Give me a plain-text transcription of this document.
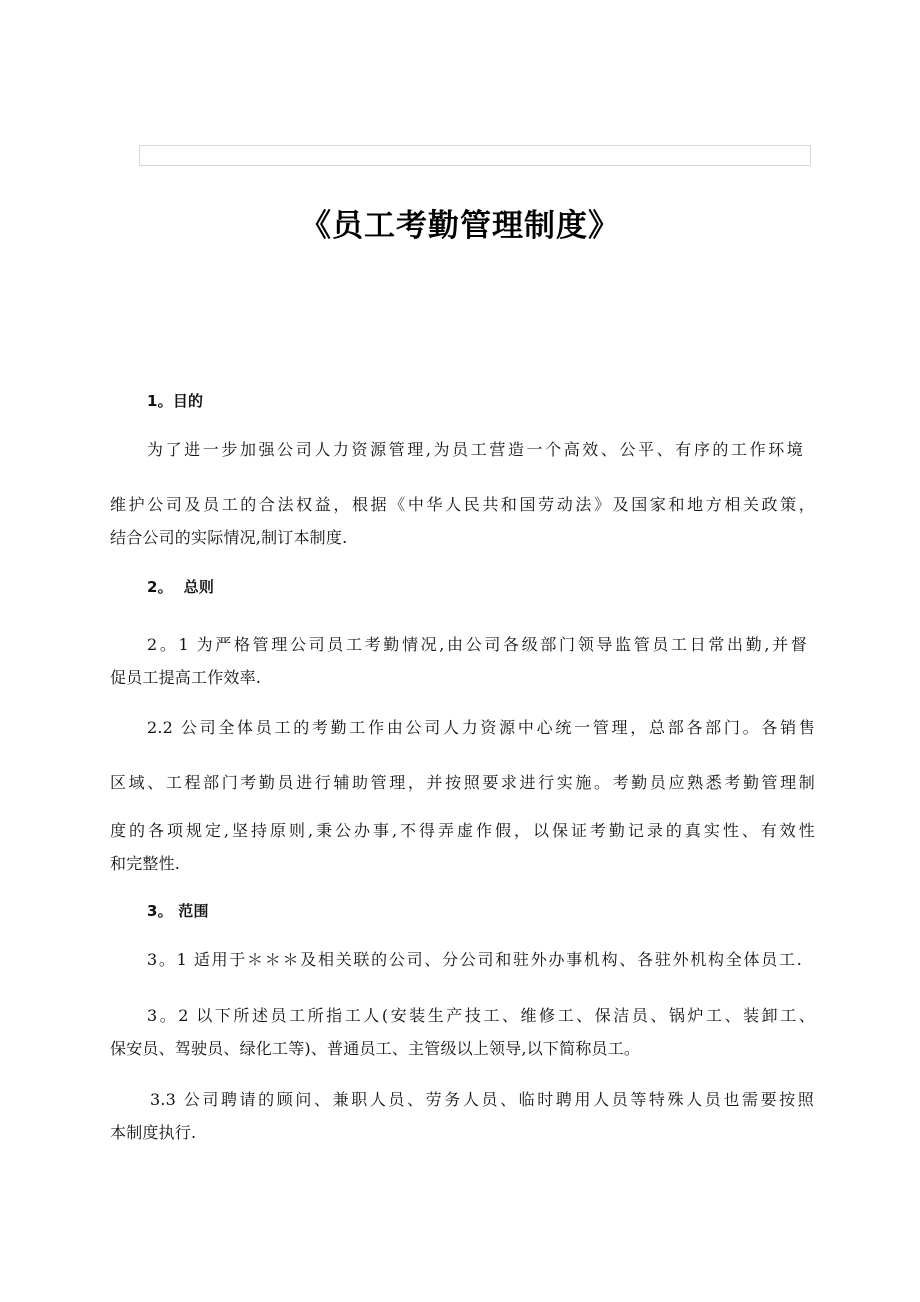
《员工考勤管理制度》
1。目的
为了进一步加强公司人力资源管理,为员工营造一个高效、公平、有序的工作环境
维护公司及员工的合法权益，根据《中华人民共和国劳动法》及国家和地方相关政策，
结合公司的实际情况,制订本制度.
2。  总则
2。1 为严格管理公司员工考勤情况,由公司各级部门领导监管员工日常出勤,并督
促员工提高工作效率.
2.2 公司全体员工的考勤工作由公司人力资源中心统一管理，总部各部门。各销售
区域、工程部门考勤员进行辅助管理，并按照要求进行实施。考勤员应熟悉考勤管理制
度的各项规定,坚持原则,秉公办事,不得弄虚作假，以保证考勤记录的真实性、有效性
和完整性.
3。 范围
3。1 适用于＊＊＊及相关联的公司、分公司和驻外办事机构、各驻外机构全体员工.
3。2 以下所述员工所指工人(安装生产技工、维修工、保洁员、锅炉工、装卸工、
保安员、驾驶员、绿化工等)、普通员工、主管级以上领导,以下简称员工。
3.3 公司聘请的顾问、兼职人员、劳务人员、临时聘用人员等特殊人员也需要按照
本制度执行.
